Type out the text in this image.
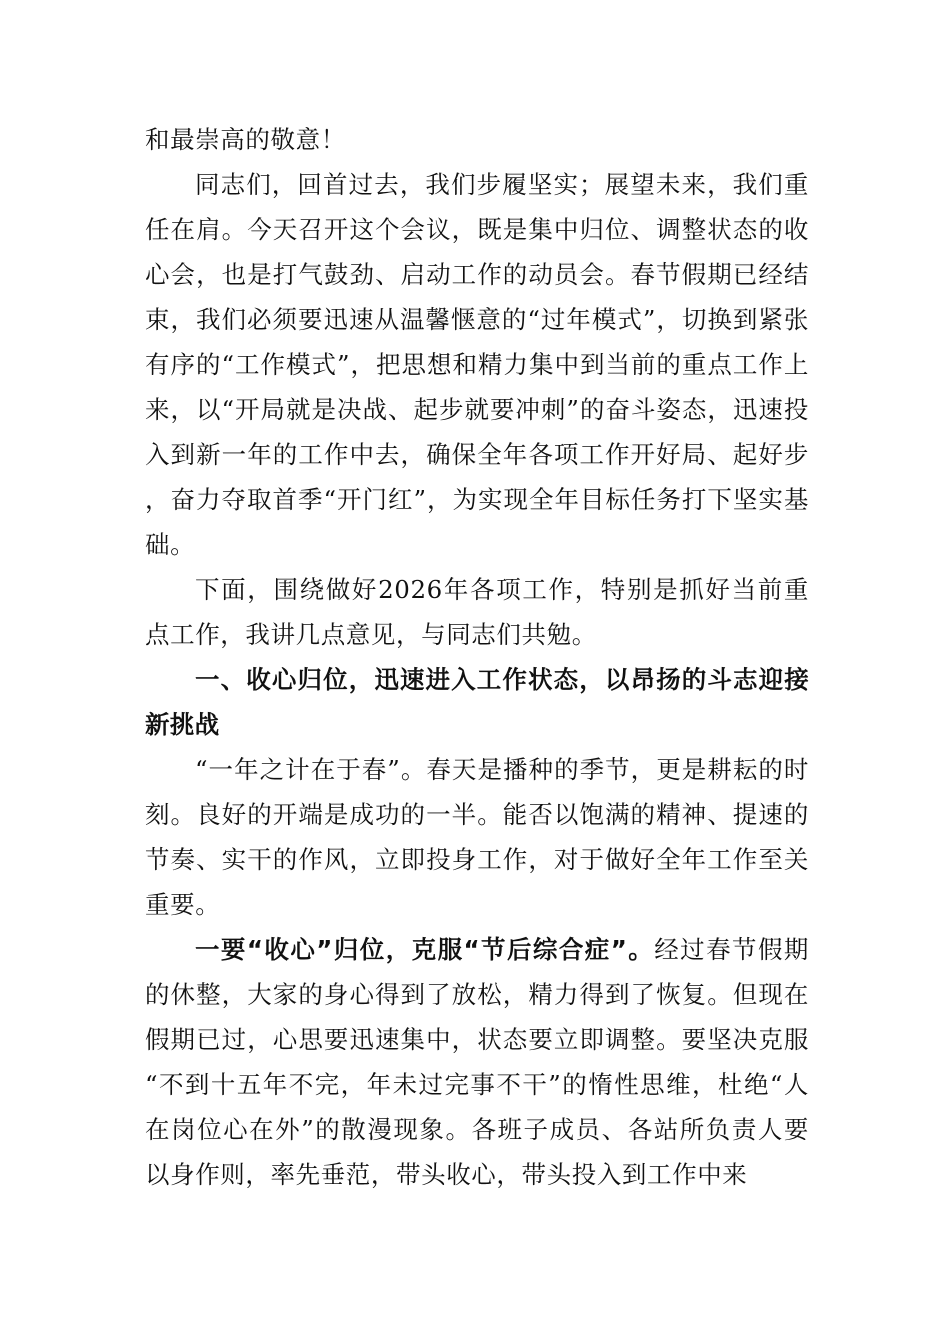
和最崇高的敬意！

同志们，回首过去，我们步履坚实；展望未来，我们重任在肩。今天召开这个会议，既是集中归位、调整状态的收心会，也是打气鼓劲、启动工作的动员会。春节假期已经结束，我们必须要迅速从温馨惬意的“过年模式”，切换到紧张有序的“工作模式”，把思想和精力集中到当前的重点工作上来，以“开局就是决战、起步就要冲刺”的奋斗姿态，迅速投入到新一年的工作中去，确保全年各项工作开好局、起好步，奋力夺取首季“开门红”，为实现全年目标任务打下坚实基础。

下面，围绕做好2026年各项工作，特别是抓好当前重点工作，我讲几点意见，与同志们共勉。

一、收心归位，迅速进入工作状态，以昂扬的斗志迎接新挑战

“一年之计在于春”。春天是播种的季节，更是耕耘的时刻。良好的开端是成功的一半。能否以饱满的精神、提速的节奏、实干的作风，立即投身工作，对于做好全年工作至关重要。

一要“收心”归位，克服“节后综合症”。经过春节假期的休整，大家的身心得到了放松，精力得到了恢复。但现在假期已过，心思要迅速集中，状态要立即调整。要坚决克服“不到十五年不完，年未过完事不干”的惰性思维，杜绝“人在岗位心在外”的散漫现象。各班子成员、各站所负责人要以身作则，率先垂范，带头收心，带头投入到工作中来
